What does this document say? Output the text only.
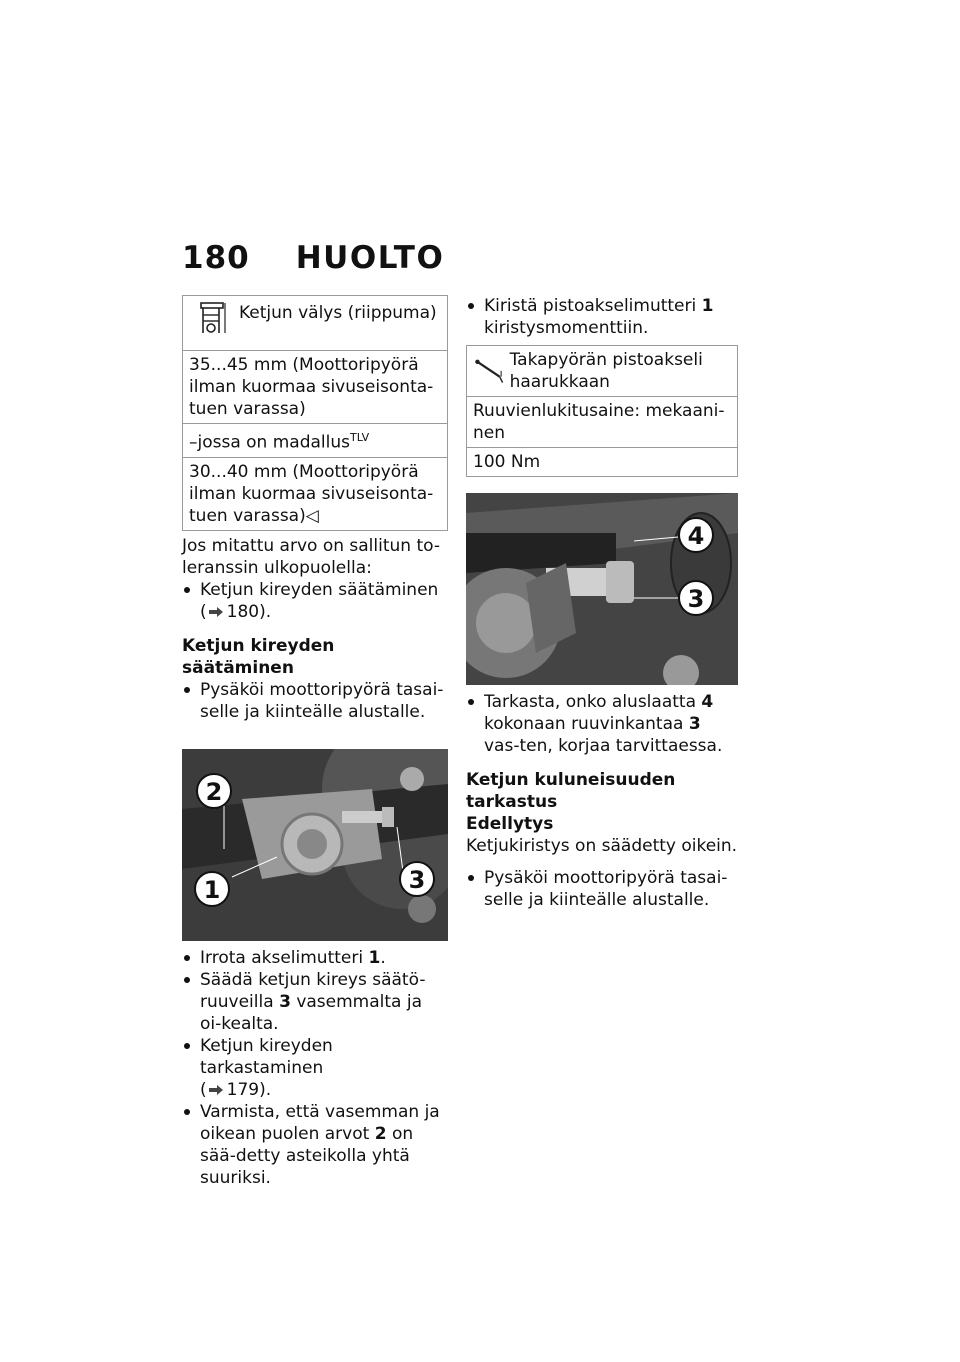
180 HUOLTO
Ketjun välys (riippuma)
35...45 mm (Moottoripyörä ilman kuormaa sivuseisonta-tuen varassa)
–jossa on madallus$^{TLV}$
30...40 mm (Moottoripyörä ilman kuormaa sivuseisonta-tuen varassa)◁
Jos mitattu arvo on sallitun to-leranssin ulkopuolella:
Ketjun kireyden säätäminen
( 180).
Ketjun kireyden säätäminen
Pysäköi moottoripyörä tasai-selle ja kiinteälle alustalle.
2
1	3
Irrota akselimutteri 1.
Säädä ketjun kireys säätö-ruuveilla 3 vasemmalta ja oi-kealta.
Ketjun kireyden tarkastaminen
( 179).
Varmista, että vasemman ja oikean puolen arvot 2 on sää-detty asteikolla yhtä suuriksi.
Kiristä pistoakselimutteri 1 kiristysmomenttiin.
Takapyörän pistoakseli haarukkaan
Ruuvienlukitusaine: mekaani-nen
100 Nm
4
3
Tarkasta, onko aluslaatta 4 kokonaan ruuvinkantaa 3 vas-ten, korjaa tarvittaessa.
Ketjun kuluneisuuden tarkastus
Edellytys
Ketjukiristys on säädetty oikein.
Pysäköi moottoripyörä tasai-selle ja kiinteälle alustalle.
